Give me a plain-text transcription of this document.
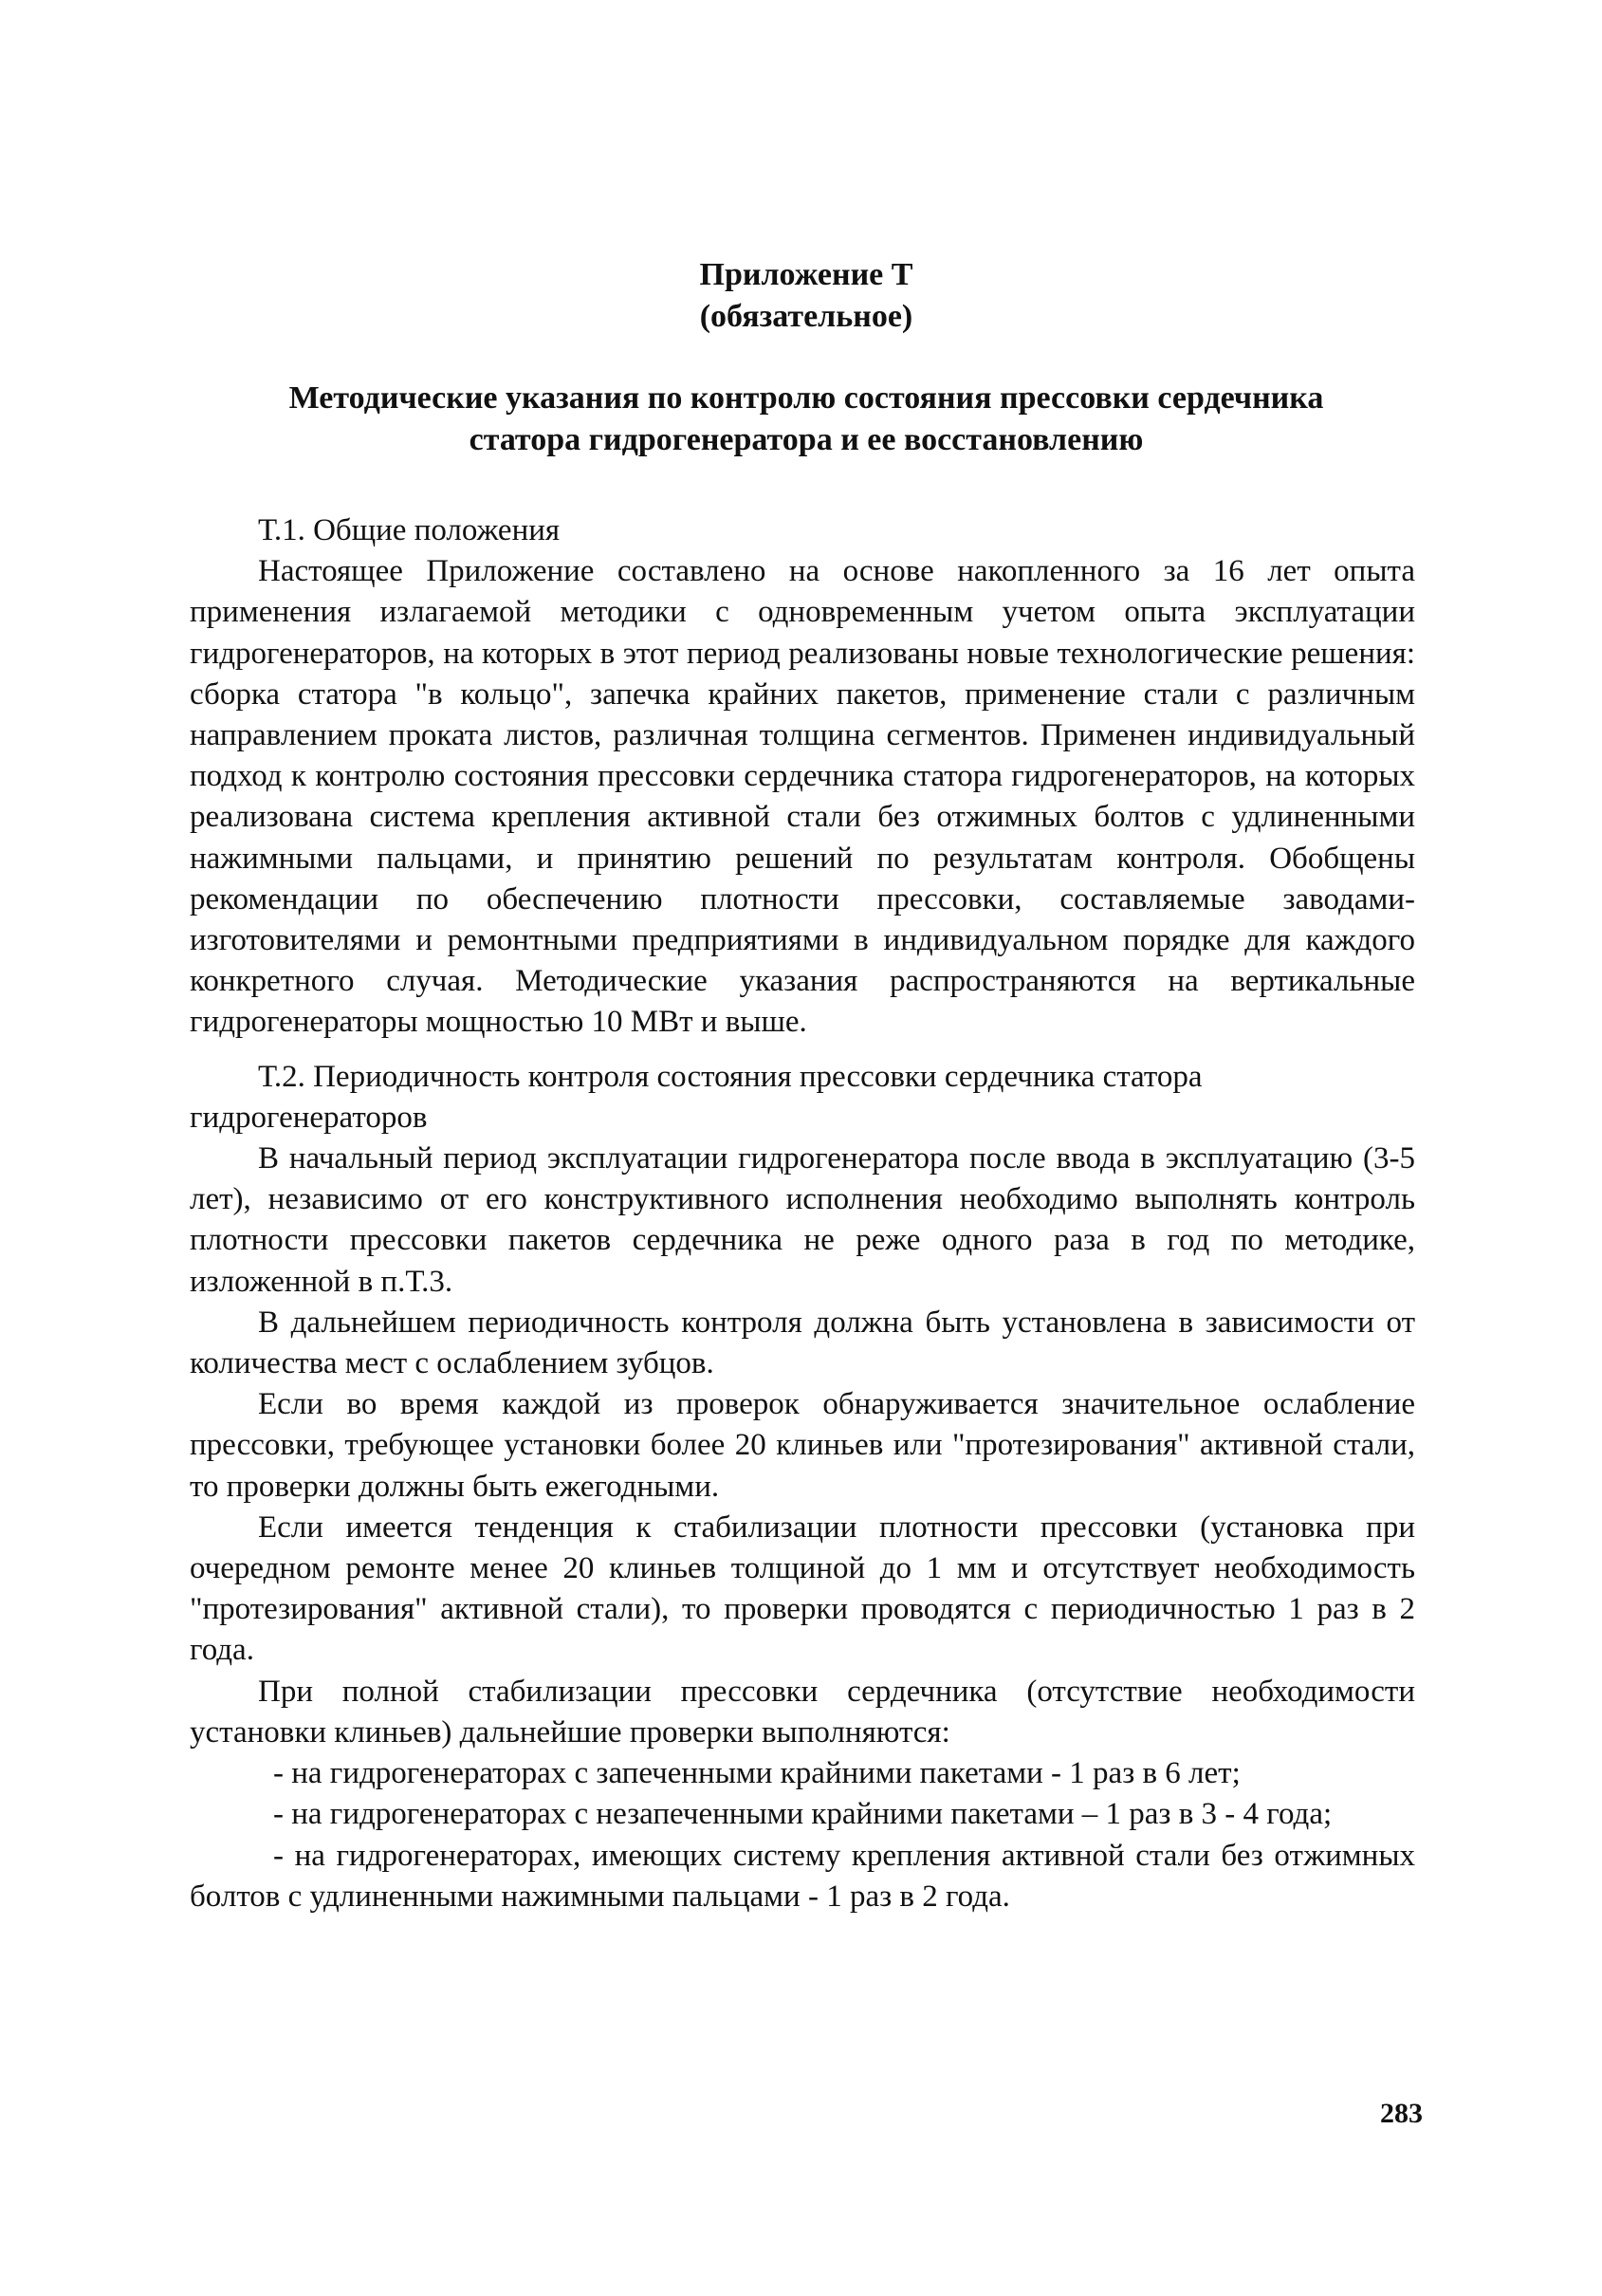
Приложение Т
(обязательное)
Методические указания по контролю состояния прессовки сердечника
статора гидрогенератора и ее восстановлению

Т.1. Общие положения

Настоящее Приложение составлено на основе накопленного за 16 лет опыта применения излагаемой методики с одновременным учетом опыта эксплуатации гидрогенераторов, на которых в этот период реализованы новые технологические решения: сборка статора "в кольцо", запечка крайних пакетов, применение стали с различным направлением проката листов, различная толщина сегментов. Применен индивидуальный подход к контролю состояния прессовки сердечника статора гидрогенераторов, на которых реализована система крепления активной стали без отжимных болтов с удлиненными нажимными пальцами, и принятию решений по результатам контроля. Обобщены рекомендации по обеспечению плотности прессовки, составляемые заводами-изготовителями и ремонтными предприятиями в индивидуальном порядке для каждого конкретного случая. Методические указания распространяются на вертикальные гидрогенераторы мощностью 10 МВт и выше.

Т.2. Периодичность контроля состояния прессовки сердечника статора гидрогенераторов

В начальный период эксплуатации гидрогенератора после ввода в эксплуатацию (3-5 лет), независимо от его конструктивного исполнения необходимо выполнять контроль плотности прессовки пакетов сердечника не реже одного раза в год по методике, изложенной в п.Т.3.

В дальнейшем периодичность контроля должна быть установлена в зависимости от количества мест с ослаблением зубцов.

Если во время каждой из проверок обнаруживается значительное ослабление прессовки, требующее установки более 20 клиньев или "протезирования" активной стали, то проверки должны быть ежегодными.

Если имеется тенденция к стабилизации плотности прессовки (установка при очередном ремонте менее 20 клиньев толщиной до 1 мм и отсутствует необходимость "протезирования" активной стали), то проверки проводятся с периодичностью 1 раз в 2 года.

При полной стабилизации прессовки сердечника (отсутствие необходимости установки клиньев) дальнейшие проверки выполняются:

- на гидрогенераторах с запеченными крайними пакетами - 1 раз в 6 лет;

- на гидрогенераторах с незапеченными крайними пакетами – 1 раз в 3 - 4 года;

- на гидрогенераторах, имеющих систему крепления активной стали без отжимных болтов с удлиненными нажимными пальцами - 1 раз в 2 года.

283
